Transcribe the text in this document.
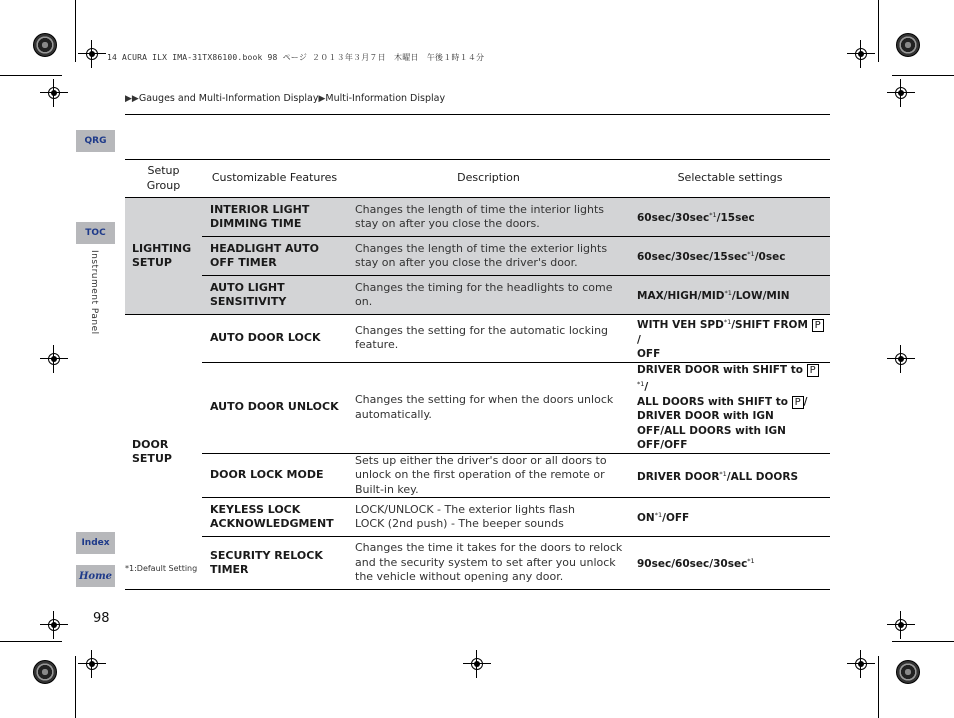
14 ACURA ILX IMA-31TX86100.book 98 ページ ２０１３年３月７日　木曜日　午後１時１４分
▶▶Gauges and Multi-Information Display▶Multi-Information Display
QRG
TOC
Instrument Panel
Index
Home
Setup Group	Customizable Features	Description	Selectable settings
LIGHTING SETUP	INTERIOR LIGHT DIMMING TIME	Changes the length of time the interior lights stay on after you close the doors.	$60\sec/30\sec^{*1}/15\sec$
	HEADLIGHT AUTO OFF TIMER	Changes the length of time the exterior lights stay on after you close the driver's door.	$60\sec/30\sec/15\sec^{*1}/0\sec$
	AUTO LIGHT SENSITIVITY	Changes the timing for the headlights to come on.	MAX/HIGH/MID$^{*1}$/LOW/MIN
DOOR SETUP	AUTO DOOR LOCK	Changes the setting for the automatic locking feature.	WITH VEH SPD$^{*1}$/SHIFT FROM P/
OFF
	AUTO DOOR UNLOCK	Changes the setting for when the doors unlock automatically.	DRIVER DOOR with SHIFT to $P^{*1}/$
ALL DOORS with SHIFT to P /
DRIVER DOOR with IGN OFF/ALL DOORS with IGN OFF/OFF
	DOOR LOCK MODE	Sets up either the driver's door or all doors to unlock on the first operation of the remote or Built-in key.	DRIVER DOOR$^{*1}$/ALL DOORS
	KEYLESS LOCK ACKNOWLEDGMENT	LOCK/UNLOCK - The exterior lights flash
LOCK (2nd push) - The beeper sounds	ON$^{*1}$/OFF
	SECURITY RELOCK TIMER	Changes the time it takes for the doors to relock and the security system to set after you unlock the vehicle without opening any door.	$90\sec/60\sec/30\sec^{*1}$
*1:Default Setting
98
